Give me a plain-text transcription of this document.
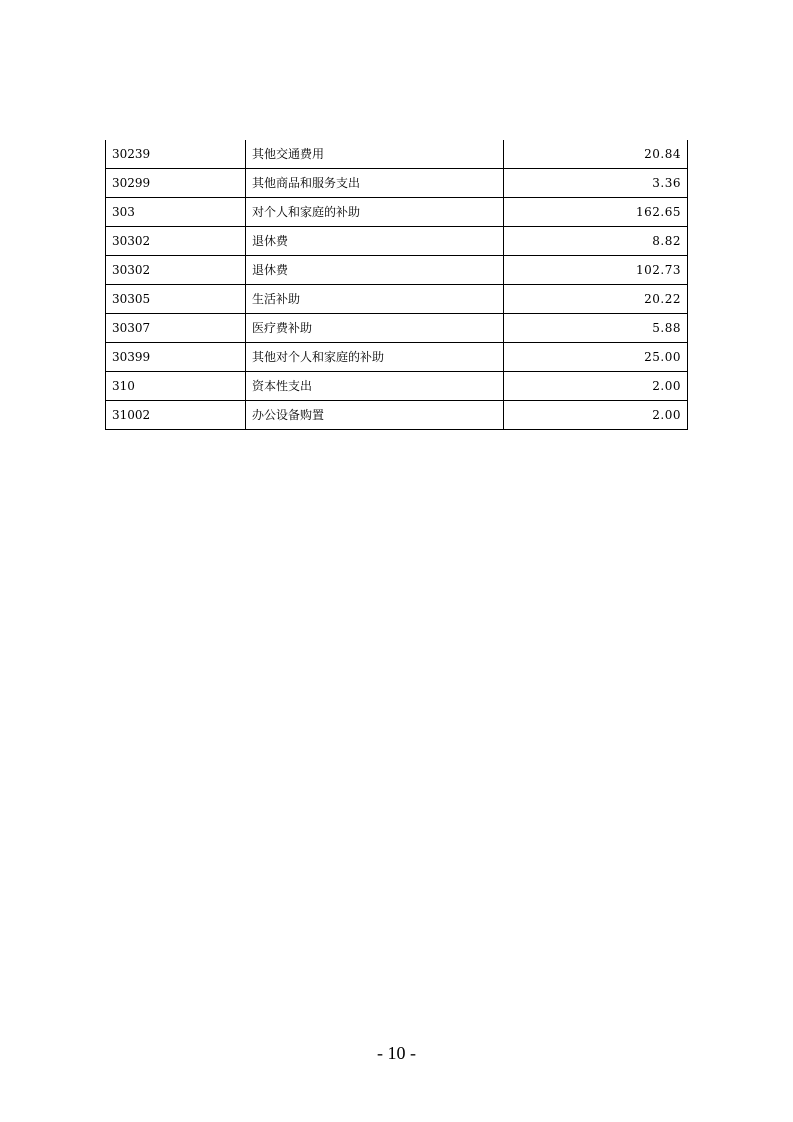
30239	其他交通费用	20.84
30299	其他商品和服务支出	3.36
303	对个人和家庭的补助	162.65
30302	退休费	8.82
30302	退休费	102.73
30305	生活补助	20.22
30307	医疗费补助	5.88
30399	其他对个人和家庭的补助	25.00
310	资本性支出	2.00
31002	办公设备购置	2.00
- 10 -
